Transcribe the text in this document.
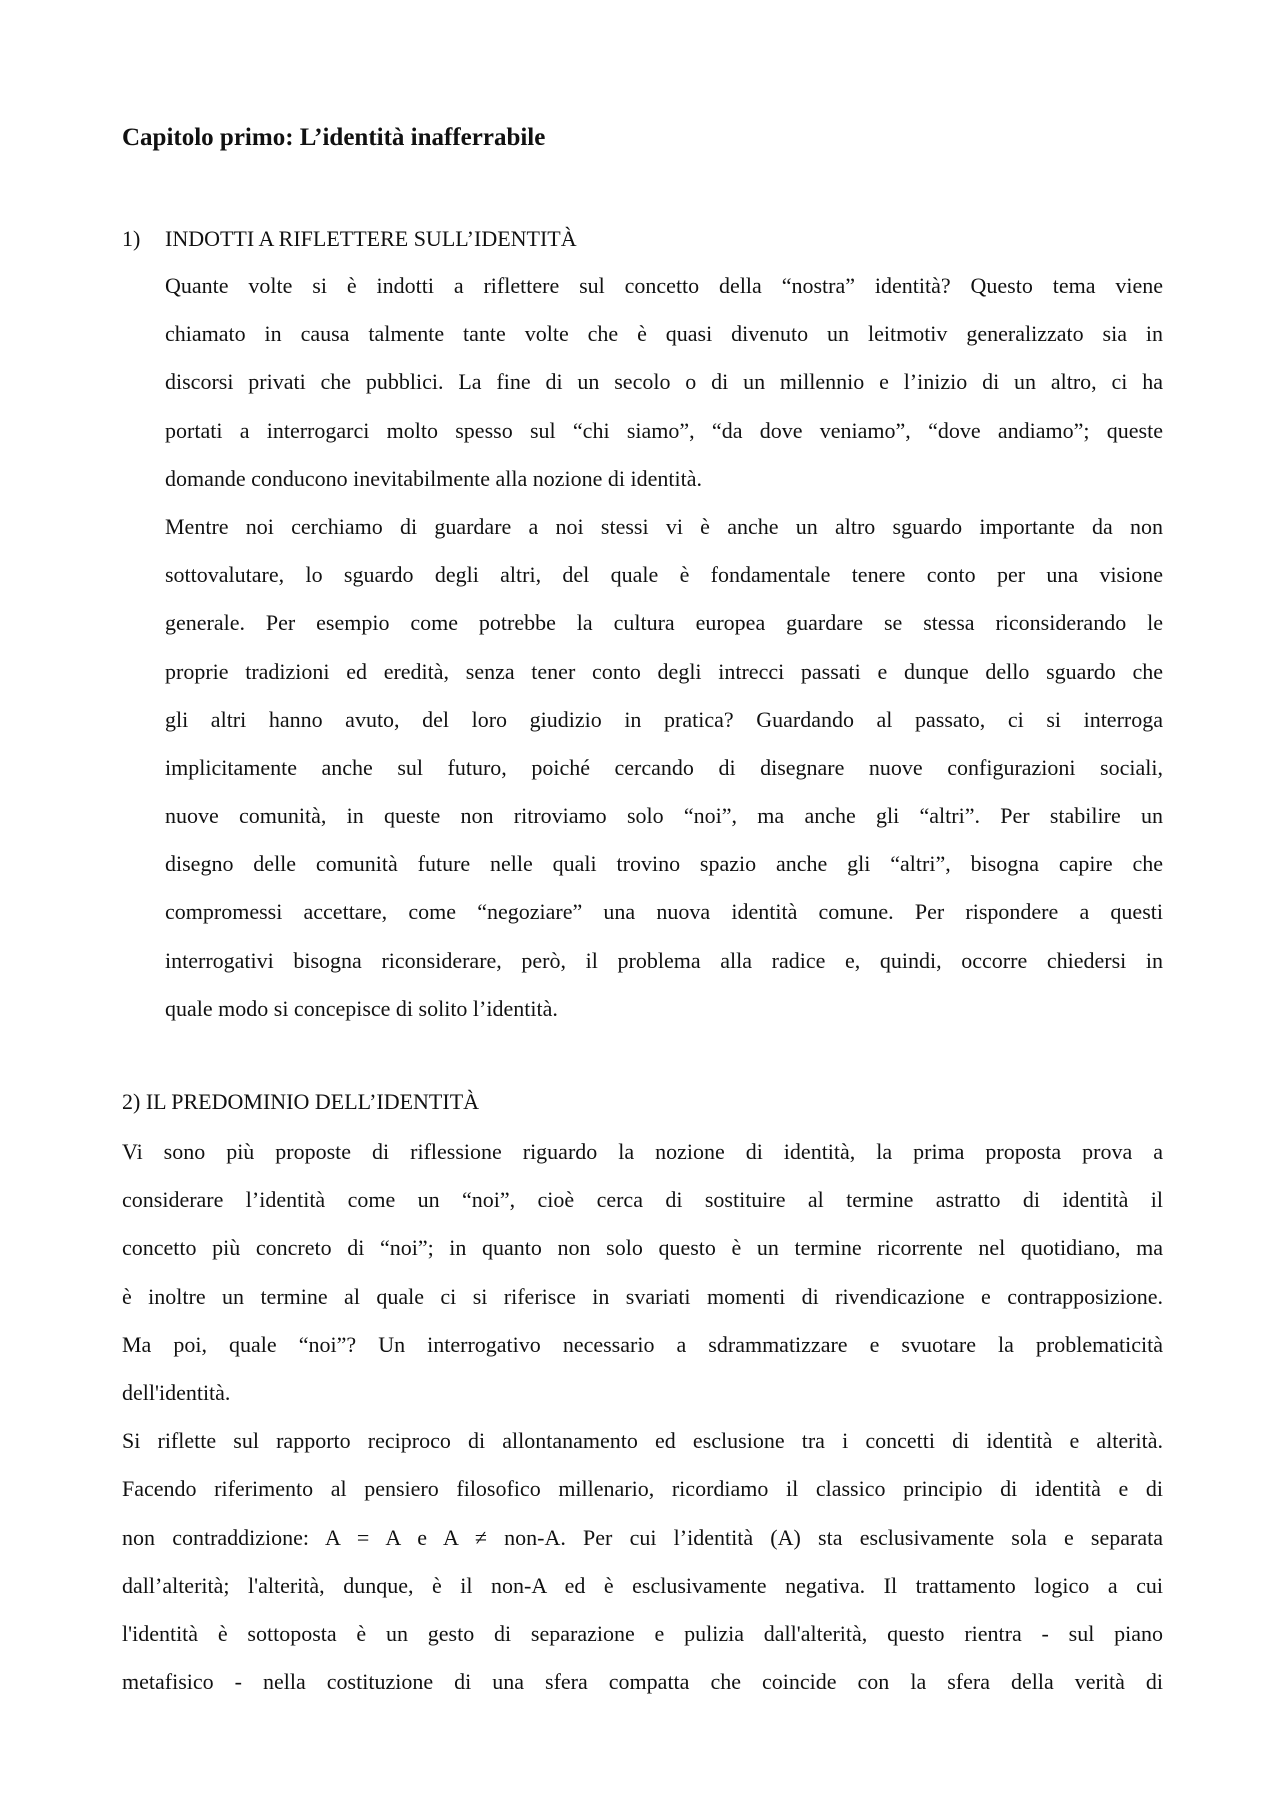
Capitolo primo: L’identità inafferrabile
1) INDOTTI A RIFLETTERE SULL’IDENTITÀ
Quante volte si è indotti a riflettere sul concetto della “nostra” identità? Questo tema viene
chiamato in causa talmente tante volte che è quasi divenuto un leitmotiv generalizzato sia in
discorsi privati che pubblici. La fine di un secolo o di un millennio e l’inizio di un altro, ci ha
portati a interrogarci molto spesso sul “chi siamo”, “da dove veniamo”, “dove andiamo”; queste
domande conducono inevitabilmente alla nozione di identità.
Mentre noi cerchiamo di guardare a noi stessi vi è anche un altro sguardo importante da non
sottovalutare, lo sguardo degli altri, del quale è fondamentale tenere conto per una visione
generale. Per esempio come potrebbe la cultura europea guardare se stessa riconsiderando le
proprie tradizioni ed eredità, senza tener conto degli intrecci passati e dunque dello sguardo che
gli altri hanno avuto, del loro giudizio in pratica? Guardando al passato, ci si interroga
implicitamente anche sul futuro, poiché cercando di disegnare nuove configurazioni sociali,
nuove comunità, in queste non ritroviamo solo “noi”, ma anche gli “altri”. Per stabilire un
disegno delle comunità future nelle quali trovino spazio anche gli “altri”, bisogna capire che
compromessi accettare, come “negoziare” una nuova identità comune. Per rispondere a questi
interrogativi bisogna riconsiderare, però, il problema alla radice e, quindi, occorre chiedersi in
quale modo si concepisce di solito l’identità.
2) IL PREDOMINIO DELL’IDENTITÀ
Vi sono più proposte di riflessione riguardo la nozione di identità, la prima proposta prova a
considerare l’identità come un “noi”, cioè cerca di sostituire al termine astratto di identità il
concetto più concreto di “noi”; in quanto non solo questo è un termine ricorrente nel quotidiano, ma
è inoltre un termine al quale ci si riferisce in svariati momenti di rivendicazione e contrapposizione.
Ma poi, quale “noi”? Un interrogativo necessario a sdrammatizzare e svuotare la problematicità
dell'identità.
Si riflette sul rapporto reciproco di allontanamento ed esclusione tra i concetti di identità e alterità.
Facendo riferimento al pensiero filosofico millenario, ricordiamo il classico principio di identità e di
non contraddizione: A = A e A ≠ non-A. Per cui l’identità (A) sta esclusivamente sola e separata
dall’alterità; l'alterità, dunque, è il non-A ed è esclusivamente negativa. Il trattamento logico a cui
l'identità è sottoposta è un gesto di separazione e pulizia dall'alterità, questo rientra - sul piano
metafisico - nella costituzione di una sfera compatta che coincide con la sfera della verità di
